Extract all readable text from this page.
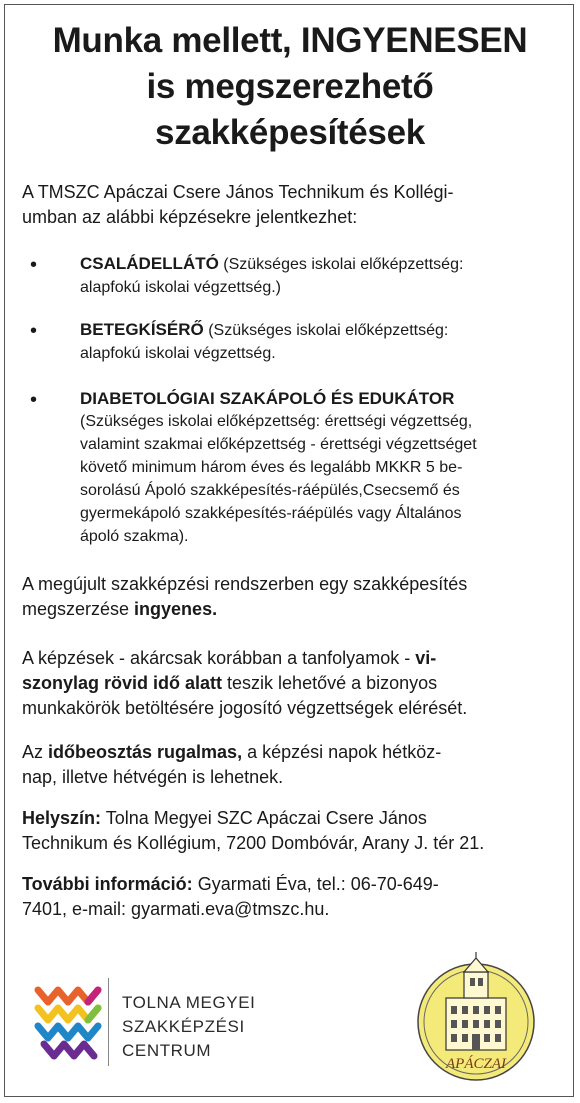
Munka mellett, INGYENESEN
is megszerezhető
szakképesítések
A TMSZC Apáczai Csere János Technikum és Kollégi-
umban az alábbi képzésekre jelentkezhet:
•	CSALÁDELLÁTÓ (Szükséges iskolai előképzettség:
alapfokú iskolai végzettség.)
•	BETEGKÍSÉRŐ (Szükséges iskolai előképzettség:
alapfokú iskolai végzettség.
•	DIABETOLÓGIAI SZAKÁPOLÓ ÉS EDUKÁTOR
(Szükséges iskolai előképzettség: érettségi végzettség,
valamint szakmai előképzettség - érettségi végzettséget
követő minimum három éves és legalább MKKR 5 be-
sorolású Ápoló szakképesítés-ráépülés,Csecsemő és
gyermekápoló szakképesítés-ráépülés vagy Általános
ápoló szakma).
A megújult szakképzési rendszerben egy szakképesítés
megszerzése ingyenes.
A képzések - akárcsak korábban a tanfolyamok - vi-
szonylag rövid idő alatt teszik lehetővé a bizonyos
munkakörök betöltésére jogosító végzettségek elérését.
Az időbeosztás rugalmas, a képzési napok hétköz-
nap, illetve hétvégén is lehetnek.
Helyszín: Tolna Megyei SZC Apáczai Csere János
Technikum és Kollégium, 7200 Dombóvár, Arany J. tér 21.
További információ: Gyarmati Éva, tel.: 06-70-649-
7401, e-mail: gyarmati.eva@tmszc.hu.
TOLNA MEGYEI
SZAKKÉPZÉSI
CENTRUM
APÁCZAI
